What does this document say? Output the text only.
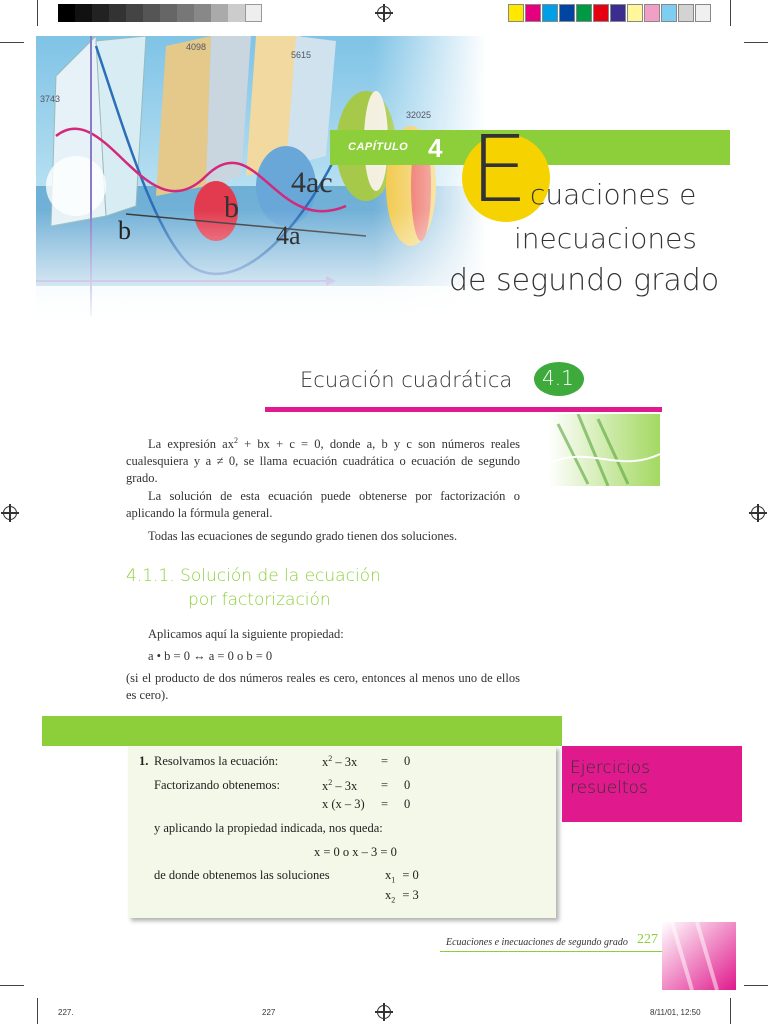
3743
4098
5615
32025
b
b
4ac
4a
CAPÍTULO 4 E cuaciones e
inecuaciones
de segundo grado
Ecuación cuadrática 4.1
La expresión $ax^2$ + bx + c = 0, donde a, b y c son números reales cualesquiera y a ≠ 0, se llama ecuación cuadrática o ecuación de segundo grado.
La solución de esta ecuación puede obtenerse por factorización o aplicando la fórmula general.
Todas las ecuaciones de segundo grado tienen dos soluciones.
4.1.1. Solución de la ecuación
por factorización
Aplicamos aquí la siguiente propiedad:
a • b = 0 ↔ a = 0 o b = 0
(si el producto de dos números reales es cero, entonces al menos uno de ellos es cero).
Ejercicios
resueltos
1. Resolvamos la ecuación:	$x^2 - 3x = 0$
Factorizando obtenemos:	$x^2 - 3x = 0$
x (x – 3) = 0
y aplicando la propiedad indicada, nos queda:
x = 0 o x – 3 = 0
de donde obtenemos las soluciones	$x_1 = 0$
$x_2 = 3$
Ecuaciones e inecuaciones de segundo grado 227
227.	227	8/11/01, 12:50
